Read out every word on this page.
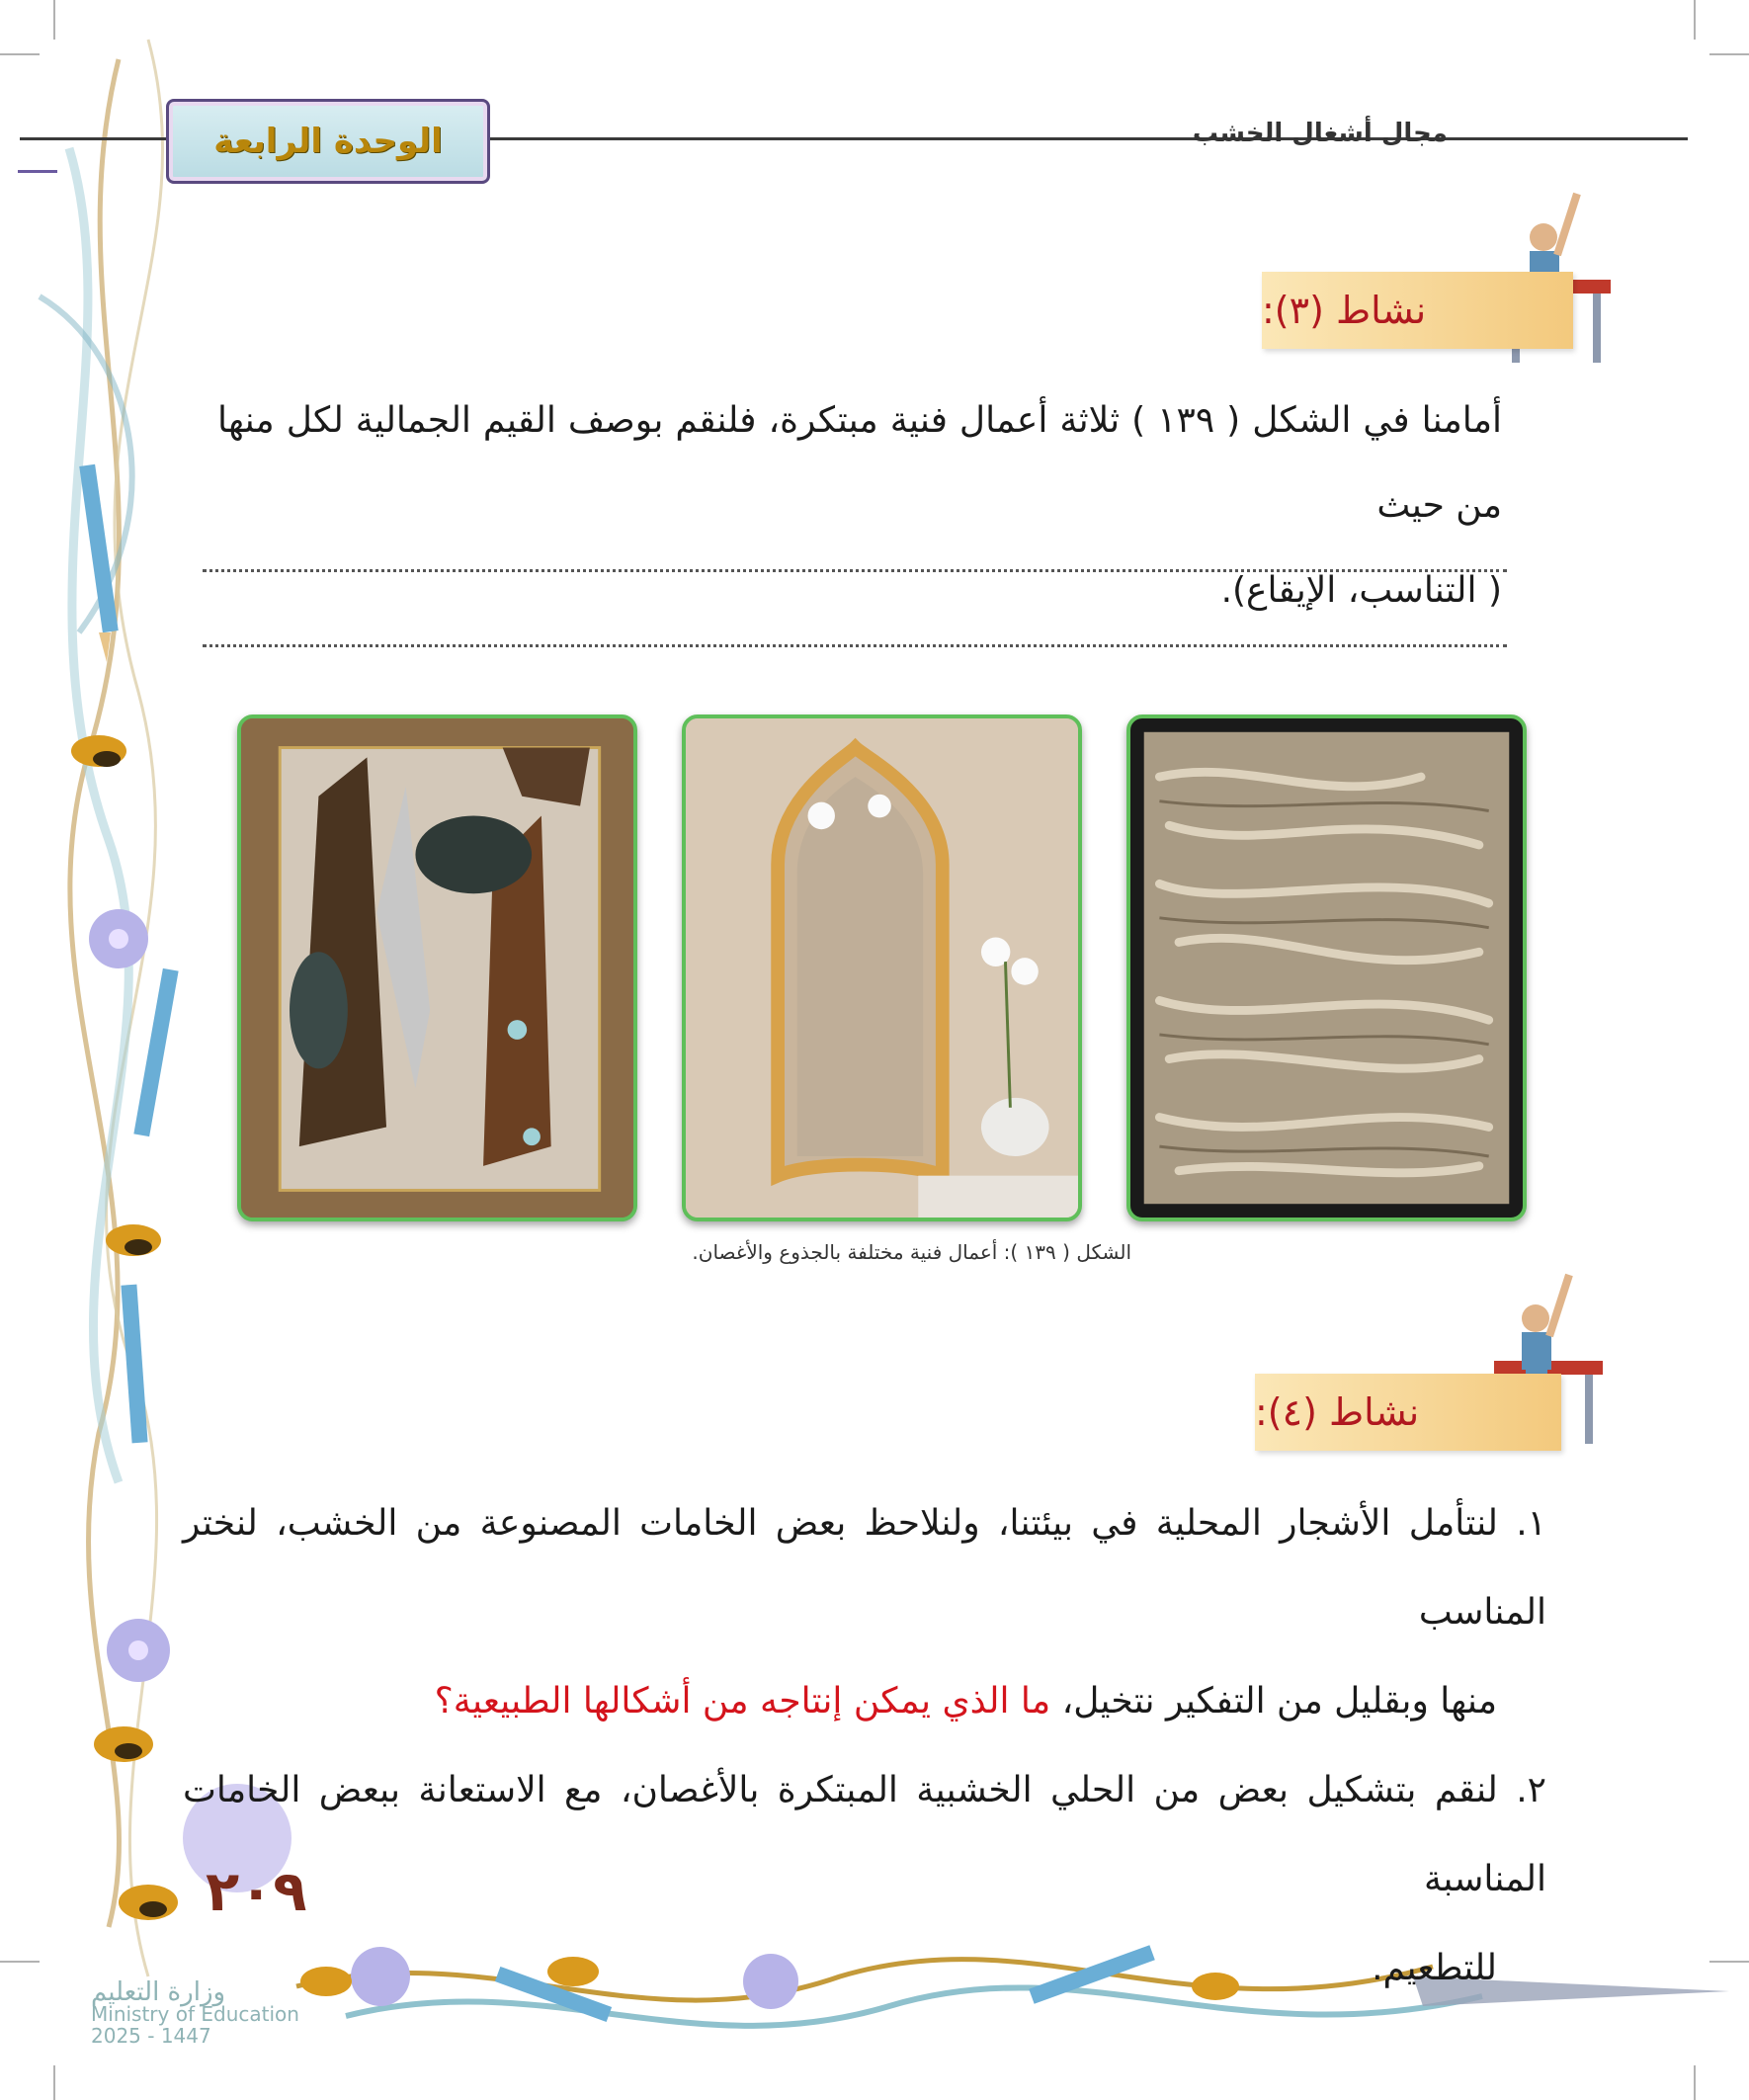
الوحدة الرابعة	مجال أشغال الخشب
نشاط (٣):
أمامنا في الشكل ( ١٣٩ ) ثلاثة أعمال فنية مبتكرة، فلنقم بوصف القيم الجمالية لكل منها من حيث
( التناسب، الإيقاع).
الشكل ( ١٣٩ ): أعمال فنية مختلفة بالجذوع والأغصان.
نشاط (٤):
١. لنتأمل الأشجار المحلية في بيئتنا، ولنلاحظ بعض الخامات المصنوعة من الخشب، لنختر المناسب
منها وبقليل من التفكير نتخيل، ما الذي يمكن إنتاجه من أشكالها الطبيعية؟
٢. لنقم بتشكيل بعض من الحلي الخشبية المبتكرة بالأغصان، مع الاستعانة ببعض الخامات المناسبة
للتطعيم.
٢٠٩
وزارة التعليم
Ministry of Education
2025 - 1447
